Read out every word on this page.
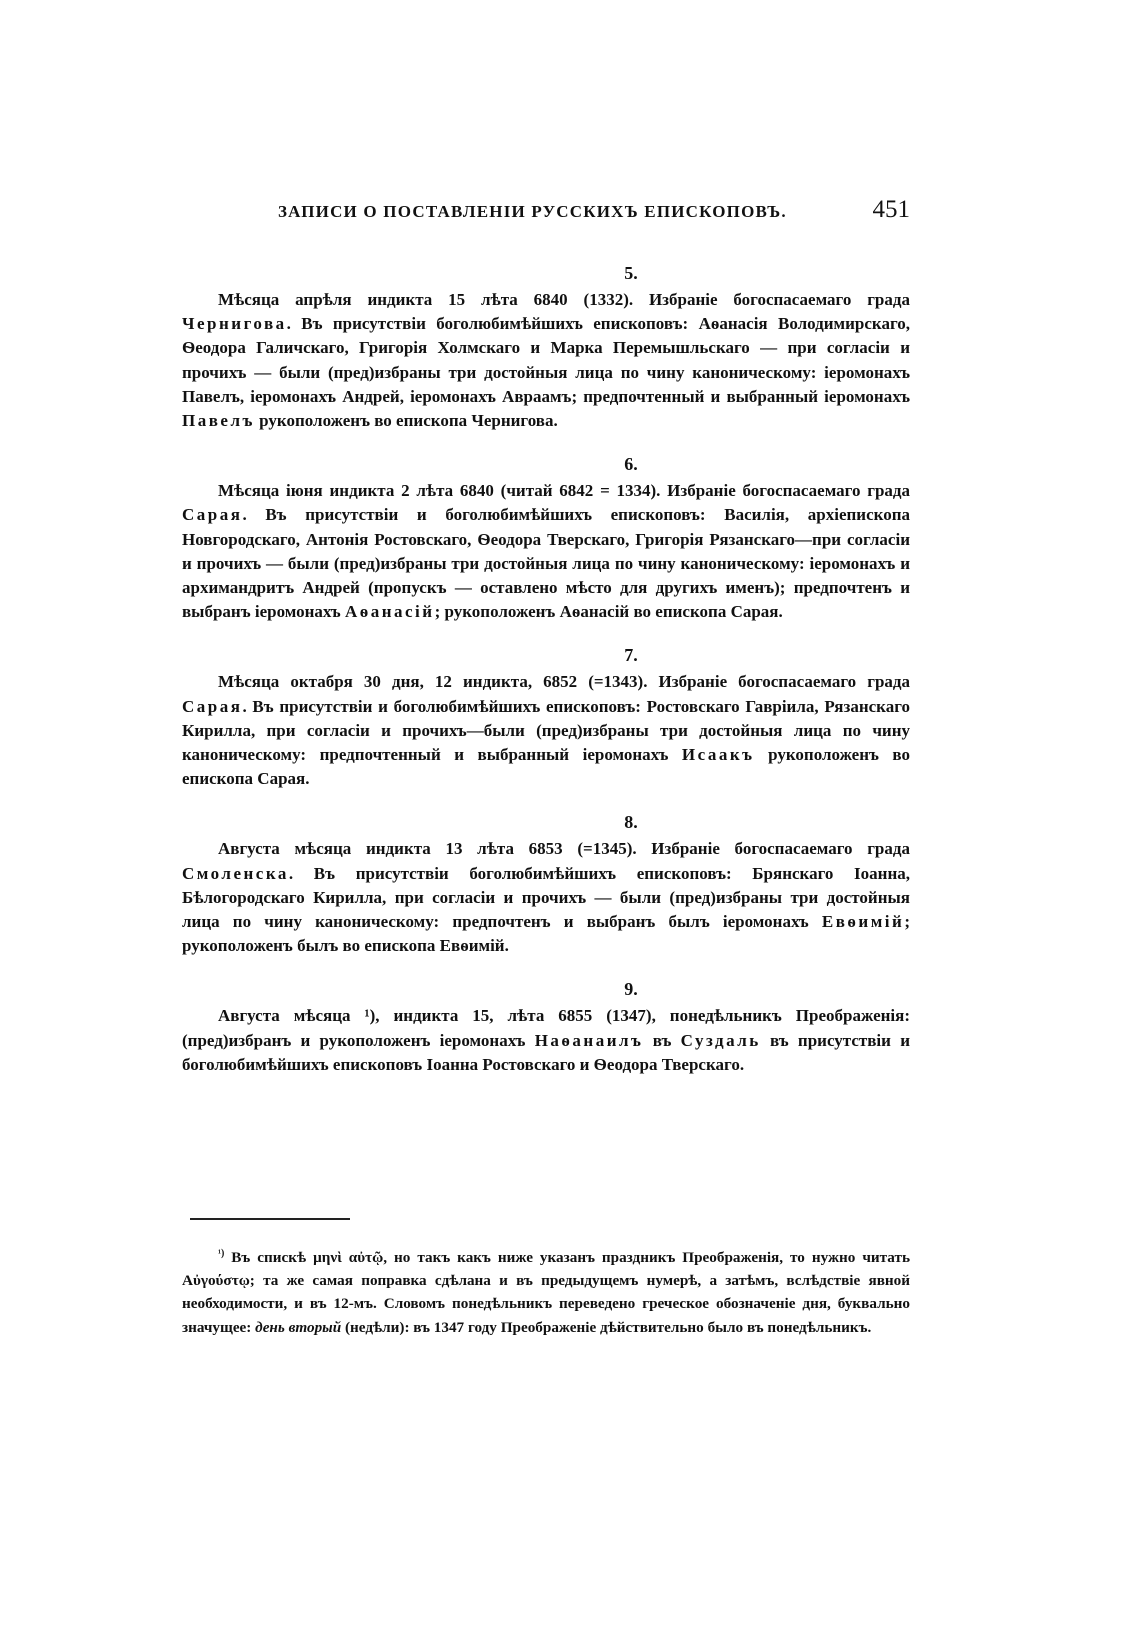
ЗАПИСИ О ПОСТАВЛЕНІИ РУССКИХЪ ЕПИСКОПОВЪ.	451
5.

Мѣсяца апрѣля индикта 15 лѣта 6840 (1332). Избраніе богоспасаемаго града Чернигова. Въ присутствіи боголюбимѣйшихъ епископовъ: Аѳанасія Володимирскаго, Ѳеодора Галичскаго, Григорія Холмскаго и Марка Перемышльскаго — при согласіи и прочихъ — были (пред)избраны три достойныя лица по чину каноническому: іеромонахъ Павелъ, іеромонахъ Андрей, іеромонахъ Авраамъ; предпочтенный и выбранный іеромонахъ Павелъ рукоположенъ во епископа Чернигова.

6.

Мѣсяца іюня индикта 2 лѣта 6840 (читай 6842 = 1334). Избраніе богоспасаемаго града Сарая. Въ присутствіи и боголюбимѣйшихъ епископовъ: Василія, архіепископа Новгородскаго, Антонія Ростовскаго, Ѳеодора Тверскаго, Григорія Рязанскаго—при согласіи и прочихъ — были (пред)избраны три достойныя лица по чину каноническому: іеромонахъ и архимандритъ Андрей (пропускъ — оставлено мѣсто для другихъ именъ); предпочтенъ и выбранъ іеромонахъ Аѳанасій; рукоположенъ Аѳанасій во епископа Сарая.

7.

Мѣсяца октабря 30 дня, 12 индикта, 6852 (=1343). Избраніе богоспасаемаго града Сарая. Въ присутствіи и боголюбимѣйшихъ епископовъ: Ростовскаго Гавріила, Рязанскаго Кирилла, при согласіи и прочихъ—были (пред)избраны три достойныя лица по чину каноническому: предпочтенный и выбранный іеромонахъ Исаакъ рукоположенъ во епископа Сарая.

8.

Августа мѣсяца индикта 13 лѣта 6853 (=1345). Избраніе богоспасаемаго града Смоленска. Въ присутствіи боголюбимѣйшихъ епископовъ: Брянскаго Іоанна, Бѣлогородскаго Кирилла, при согласіи и прочихъ — были (пред)избраны три достойныя лица по чину каноническому: предпочтенъ и выбранъ былъ іеромонахъ Евѳимій; рукоположенъ былъ во епископа Евѳимій.

9.

Августа мѣсяца ¹), индикта 15, лѣта 6855 (1347), понедѣльникъ Преображенія: (пред)избранъ и рукоположенъ іеромонахъ Наѳанаилъ въ Суздаль въ присутствіи и боголюбимѣйшихъ епископовъ Іоанна Ростовскаго и Ѳеодора Тверскаго.

$^{^1)}$ Въ спискѣ μηνὶ αὐτῷ, но такъ какъ ниже указанъ праздникъ Преображенія, то нужно читать Αὐγούστῳ; та же самая поправка сдѣлана и въ предыдущемъ нумерѣ, а затѣмъ, вслѣдствіе явной необходимости, и въ 12-мъ. Словомъ понедѣльникъ переведено греческое обозначеніе дня, буквально значущее: день вторый (недѣли): въ 1347 году Преображеніе дѣйствительно было въ понедѣльникъ.
